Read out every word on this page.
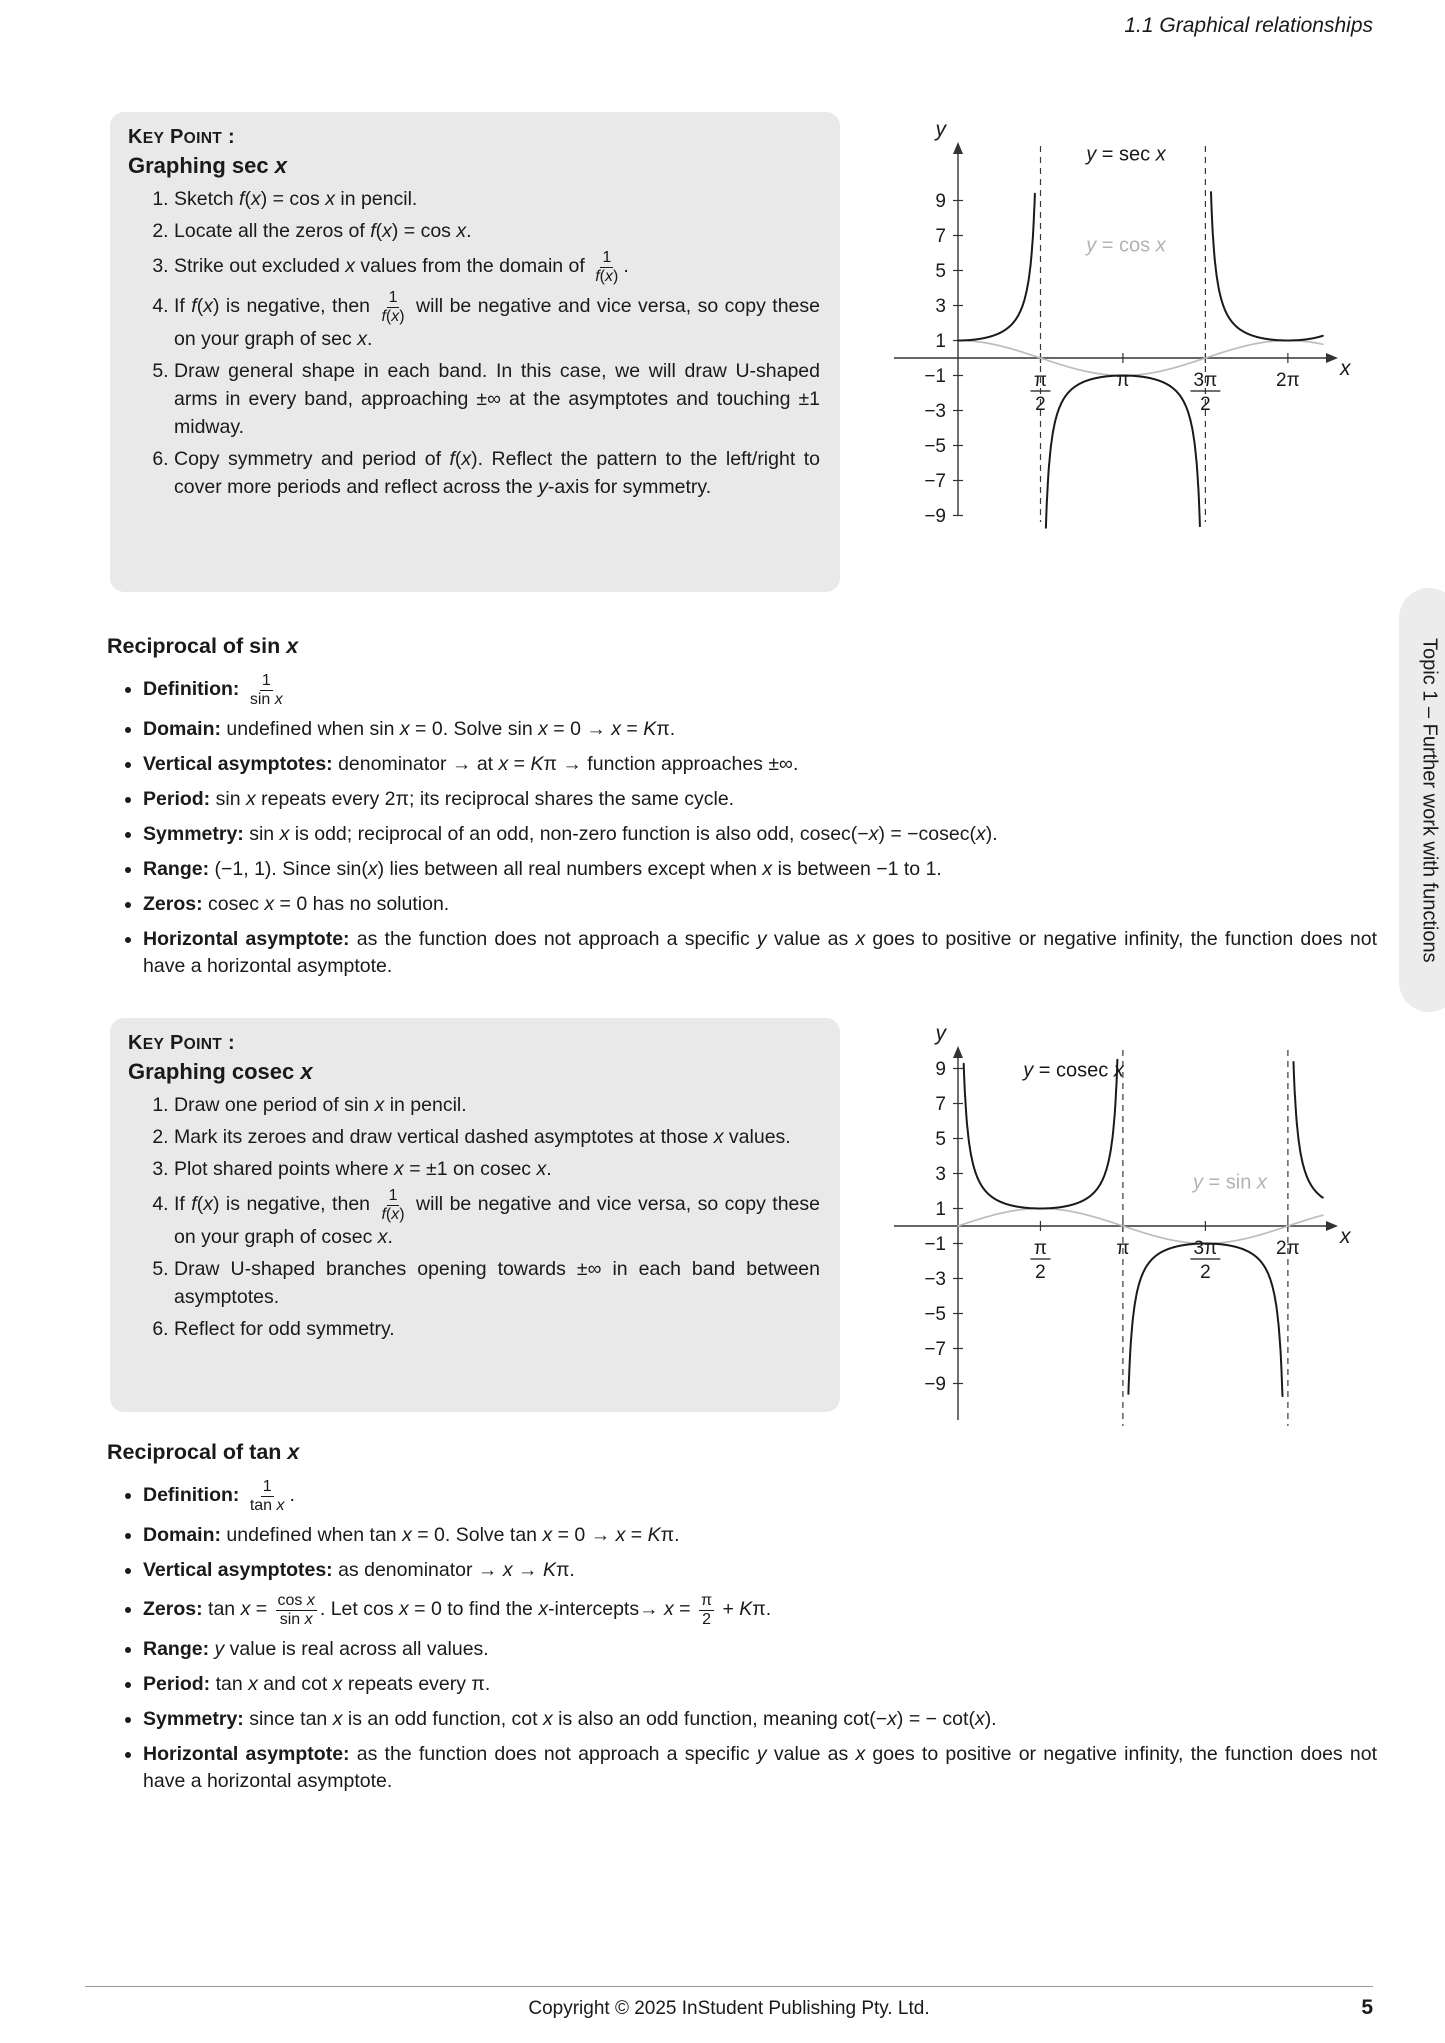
1.1 Graphical relationships
KEY POINT :
Graphing sec x
1. Sketch f(x) = cos x in pencil.
2. Locate all the zeros of f(x) = cos x.
3. Strike out excluded x values from the domain of $\frac{1}{f(x)}$ .
4. If f(x) is negative, then $\frac{1}{f(x)}$ will be negative and vice versa, so copy these on your graph of sec x.
5. Draw general shape in each band. In this case, we will draw U-shaped arms in every band, approaching ±∞ at the asymptotes and touching ±1 midway.
6. Copy symmetry and period of f(x). Reflect the pattern to the left/right to cover more periods and reflect across the y-axis for symmetry.
y
x
9
7
5
3
1
−1
−3
−5
−7
−9
π
2
π	3π
2
2π
y = sec x
y = cos x
Reciprocal of sin x
• Definition: $\frac{1}{\text{sin x}}$
• Domain: undefined when sin x = 0. Solve sin x = 0 → x = Kπ.
• Vertical asymptotes: denominator → at x = Kπ → function approaches ±∞.
• Period: sin x repeats every 2π; its reciprocal shares the same cycle.
• Symmetry: sin x is odd; reciprocal of an odd, non-zero function is also odd, cosec(−x) = −cosec(x).
• Range: (−1, 1). Since sin(x) lies between all real numbers except when x is between −1 to 1.
• Zeros: cosec x = 0 has no solution.
• Horizontal asymptote: as the function does not approach a specific y value as x goes to positive or negative infinity, the function does not have a horizontal asymptote.
KEY POINT :
Graphing cosec x
1. Draw one period of sin x in pencil.
2. Mark its zeroes and draw vertical dashed asymptotes at those x values.
3. Plot shared points where x = ±1 on cosec x.
4. If f(x) is negative, then $\frac{1}{f(x)}$ will be negative and vice versa, so copy these on your graph of cosec x.
5. Draw U-shaped branches opening towards ±∞ in each band between asymptotes.
6. Reflect for odd symmetry.
y
x
9
7
5
3
1
−1
−3
−5
−7
−9
π
2
π	3π
2
2π
y = cosec x
y = sin x
Reciprocal of tan x
• Definition: $\frac{1}{\text{tan x}}$ .
• Domain: undefined when tan x = 0. Solve tan x = 0 → x = Kπ.
• Vertical asymptotes: as denominator → x → Kπ.
• Zeros: $\tan x = \frac{\text{cos x}}{\text{sin x}}$ . Let cos x = 0 to find the x-intercepts→ $x = \frac{\pi}{2} + K\pi$.
• Range: y value is real across all values.
• Period: tan x and cot x repeats every π.
• Symmetry: since tan x is an odd function, cot x is also an odd function, meaning cot(−x) = − cot(x).
• Horizontal asymptote: as the function does not approach a specific y value as x goes to positive or negative infinity, the function does not have a horizontal asymptote.
Topic 1 – Further work with functions
Copyright © 2025 InStudent Publishing Pty. Ltd.	5
